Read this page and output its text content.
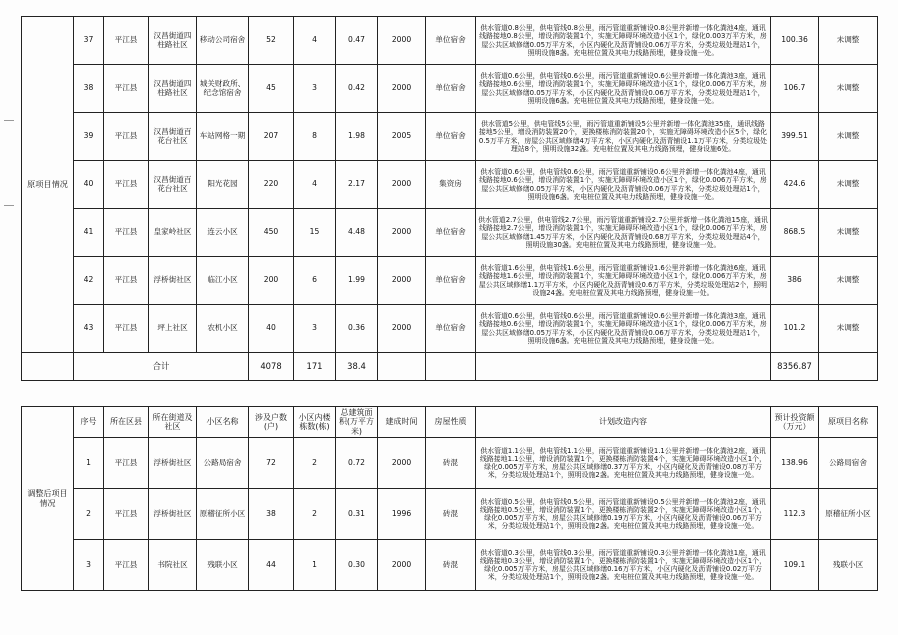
原项目情况	37	平江县	汉昌街道四柱路社区	移动公司宿舍	52	4	0.47	2000	单位宿舍	供水管道0.8公里，供电管线0.8公里，雨污管道重新铺设0.8公里并新增一体化粪池4座，通讯线路接地0.8公里，增设消防装置1个，实施无障碍环境改造小区1个，绿化0.003万平方米，房屋公共区域修缮0.05万平方米，小区内硬化及沥青铺设0.06万平方米，分类垃圾处理站1个，照明设施8盏。充电桩位置及其电力线路预埋，健身设施一处。	100.36	未调整
	38	平江县	汉昌街道四柱路社区	城关财政所、纪念馆宿舍	45	3	0.42	2000	单位宿舍	供水管道0.6公里，供电管线0.6公里，雨污管道重新铺设0.6公里并新增一体化粪池3座，通讯线路接地0.6公里，增设消防装置1个，实施无障碍环境改造小区1个，绿化0.006万平方米，房屋公共区域修缮0.05万平方米，小区内硬化及沥青铺设0.06万平方米，分类垃圾处理站1个，照明设施6盏。充电桩位置及其电力线路预埋，健身设施一处。	106.7	未调整
	39	平江县	汉昌街道百花台社区	车站网格一期	207	8	1.98	2005	单位宿舍	供水管道5公里，供电管线5公里，雨污管道重新铺设5公里并新增一体化粪池35座，通讯线路接地5公里，增设消防装置20个，更换楼栋消防装置20个，实施无障碍环境改造小区5个，绿化0.5万平方米，房屋公共区域修缮4万平方米，小区内硬化及沥青铺设1.1万平方米，分类垃圾处理站8个，照明设施32盏。充电桩位置及其电力线路预埋，健身设施6处。	399.51	未调整
	40	平江县	汉昌街道百花台社区	阳光花园	220	4	2.17	2000	集资房	供水管道0.6公里，供电管线0.6公里，雨污管道重新铺设0.6公里并新增一体化粪池4座，通讯线路接地0.6公里，增设消防装置1个，实施无障碍环境改造小区1个，绿化0.006万平方米，房屋公共区域修缮0.05万平方米，小区内硬化及沥青铺设0.06万平方米，分类垃圾处理站1个，照明设施6盏。充电桩位置及其电力线路预埋，健身设施一处。	424.6	未调整
	41	平江县	皇家岭社区	连云小区	450	15	4.48	2000	单位宿舍	供水管道2.7公里，供电管线2.7公里，雨污管道重新铺设2.7公里并新增一体化粪池15座，通讯线路接地2.7公里，增设消防装置1个，实施无障碍环境改造小区1个，绿化0.006万平方米，房屋公共区域修缮1.45万平方米，小区内硬化及沥青铺设0.68万平方米，分类垃圾处理站4个，照明设施30盏。充电桩位置及其电力线路预埋，健身设施一处。	868.5	未调整
	42	平江县	浮桥街社区	临江小区	200	6	1.99	2000	单位宿舍	供水管道1.6公里，供电管线1.6公里，雨污管道重新铺设1.6公里并新增一体化粪池6座，通讯线路接地1.6公里，增设消防装置1个，实施无障碍环境改造小区1个，绿化0.006万平方米，房屋公共区域修缮1.1万平方米，小区内硬化及沥青铺设0.6万平方米，分类垃圾处理站2个，照明设施24盏。充电桩位置及其电力线路预埋，健身设施一处。	386	未调整
	43	平江县	坪上社区	农机小区	40	3	0.36	2000	单位宿舍	供水管道0.6公里，供电管线0.6公里，雨污管道重新铺设0.6公里并新增一体化粪池3座，通讯线路接地0.6公里，增设消防装置1个，实施无障碍环境改造小区1个，绿化0.006万平方米，房屋公共区域修缮0.05万平方米，小区内硬化及沥青铺设0.06万平方米，分类垃圾处理站1个，照明设施6盏。充电桩位置及其电力线路预埋，健身设施一处。	101.2	未调整
	合计				4078	171	38.4				8356.87	
调整后项目情况	序号	所在区县	所在街道及社区	小区名称	涉及户数(户)	小区内楼栋数(栋)	总建筑面积(万平方米)	建成时间	房屋性质	计划改造内容	预计投资额（万元）	原项目名称
	1	平江县	浮桥街社区	公路局宿舍	72	2	0.72	2000	砖混	供水管道1.1公里，供电管线1.1公里，雨污管道重新铺设1.1公里并新增一体化粪池2座，通讯线路接地1.1公里，增设消防装置1个，更换楼栋消防装置4个，实施无障碍环境改造小区1个，绿化0.005万平方米，房屋公共区域修缮0.37万平方米，小区内硬化及沥青铺设0.08万平方米，分类垃圾处理站1个，照明设施2盏。充电桩位置及其电力线路预埋，健身设施一处。	138.96	公路局宿舍
	2	平江县	浮桥街社区	原稽征所小区	38	2	0.31	1996	砖混	供水管道0.5公里，供电管线0.5公里，雨污管道重新铺设0.5公里并新增一体化粪池2座，通讯线路接地0.5公里，增设消防装置1个，更换楼栋消防装置2个，实施无障碍环境改造小区1个，绿化0.005万平方米，房屋公共区域修缮0.19万平方米，小区内硬化及沥青铺设0.06万平方米，分类垃圾处理站1个，照明设施2盏。充电桩位置及其电力线路预埋，健身设施一处。	112.3	原稽征所小区
	3	平江县	书院社区	残联小区	44	1	0.30	2000	砖混	供水管道0.3公里，供电管线0.3公里，雨污管道重新铺设0.3公里并新增一体化粪池1座，通讯线路接地0.3公里，增设消防装置1个，更换楼栋消防装置1个，实施无障碍环境改造小区1个，绿化0.005万平方米，房屋公共区域修缮0.16万平方米，小区内硬化及沥青铺设0.02万平方米，分类垃圾处理站1个，照明设施2盏。充电桩位置及其电力线路预埋，健身设施一处。	109.1	残联小区
